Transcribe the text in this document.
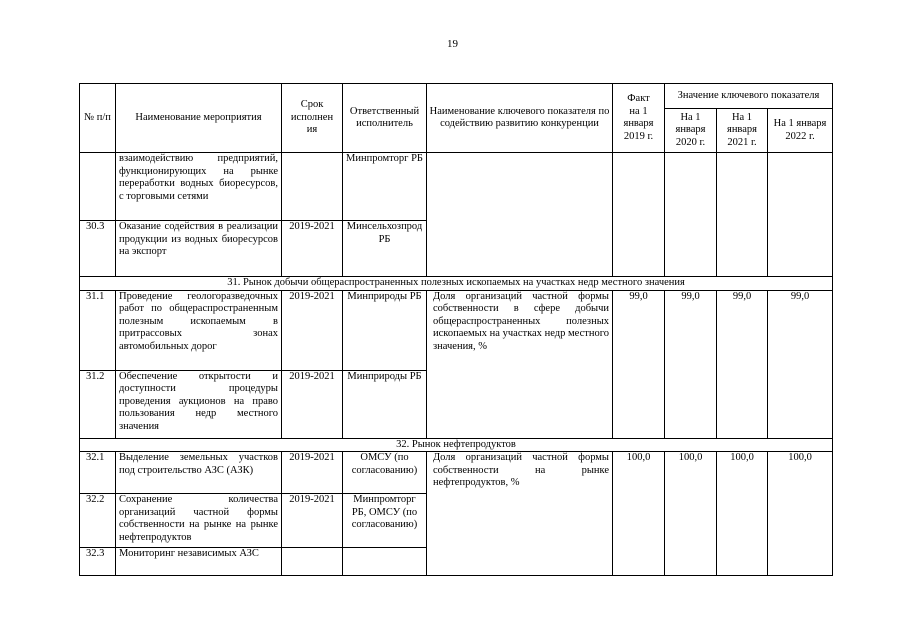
19
№ п/п	Наименование мероприятия	Срок
исполнен
ия	Ответственный исполнитель	Наименование ключевого показателя по содействию развитию конкуренции	Факт
на 1
января
2019 г.	Значение ключевого показателя		
						На 1 января 2020 г.	На 1 января 2021 г.	На 1 января 2022 г.
	взаимодействию предприятий, функционирующих на рынке переработки водных биоресурсов, с торговыми сетями		Минпромторг РБ					
30.3	Оказание содействия в реализации продукции из водных биоресурсов на экспорт	2019-2021	Минсельхозпрод РБ					
31. Рынок добычи общераспространенных полезных ископаемых на участках недр местного значения								
31.1	Проведение геологоразведочных работ по общераспространенным полезным ископаемым в притрассовых зонах автомобильных дорог	2019-2021	Минприроды РБ	Доля организаций частной формы собственности в сфере добычи общераспространенных полезных ископаемых на участках недр местного значения, %	99,0	99,0	99,0	99,0
31.2	Обеспечение открытости и доступности процедуры проведения аукционов на право пользования недр местного значения	2019-2021	Минприроды РБ					
32. Рынок нефтепродуктов								
32.1	Выделение земельных участков под строительство АЗС (АЗК)	2019-2021	ОМСУ (по согласованию)	Доля организаций частной формы собственности на рынке нефтепродуктов, %	100,0	100,0	100,0	100,0
32.2	Сохранение количества организаций частной формы собственности на рынке на рынке нефтепродуктов	2019-2021	Минпромторг РБ, ОМСУ (по согласованию)					
32.3	Мониторинг независимых АЗС							
